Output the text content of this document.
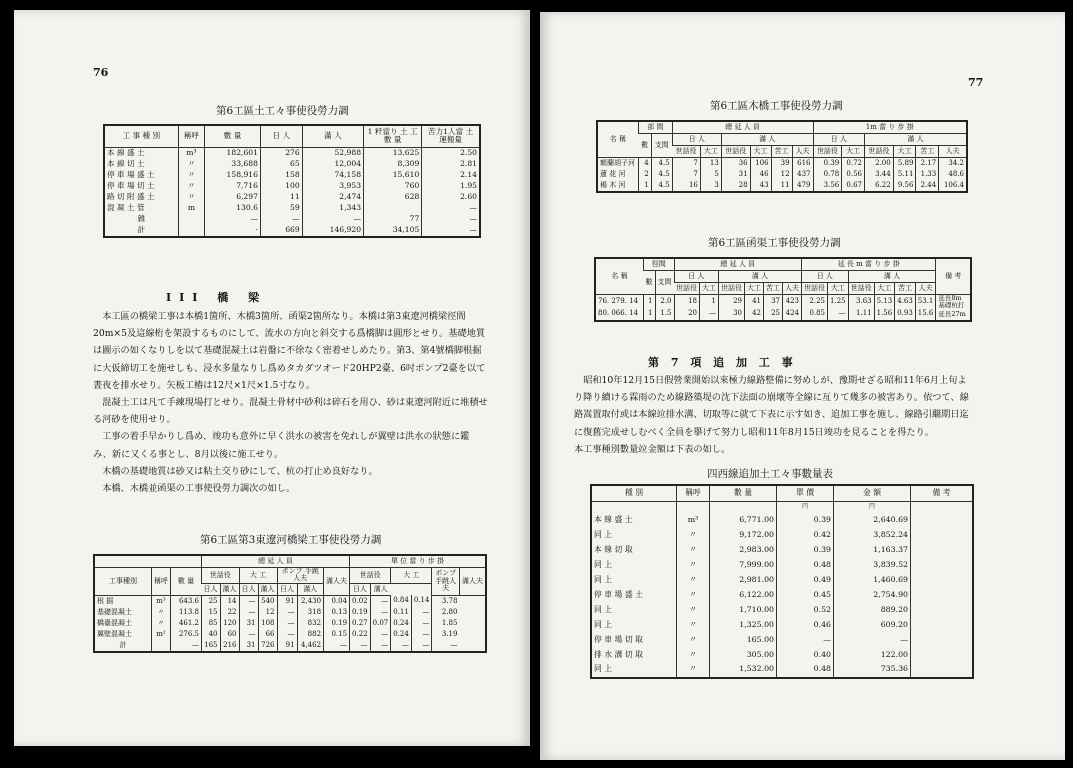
76
第6工區土工々事使役勞力調
工 事 種 別	稱呼	數 量	日 人	滿 人	1 粁當り 土 工 數 量	苦力1人當 土運搬量
本 線 盛 土	m³	182,601	276	52,988	13,625	2.50
本 線 切 土	〃	33,688	65	12,004	8,309	2.81
停 車 場 盛 土	〃	158,916	158	74,158	15,610	2.14
停 車 場 切 土	〃	7,716	100	3,953	760	1.95
路 切 附 盛 土	〃	6,297	11	2,474	628	2.60
混 凝 土 管	m	130.6	59	1,343		—
雜		—	—	—	77	—
計		·	669	146,920	34,105	—
III 橋 梁

本工區の橋梁工事は本橋1箇所、木橋3箇所、函渠2箇所なり。本橋は第3東遼河橋梁徑間20m×5及這線桁を架設するものにして、流水の方向と斜交する爲橋脚は圓形とせり。基礎地質は圖示の如くなりしを以て基礎混凝土は岩盤に不徐なく密着せしめたり。第3、第4號橋脚根掘に大仮締切工を施せしも、浸水多量なりし爲めタカダツオード20HP2臺、6吋ポンプ2臺を以て晝夜を排水せり。矢板工樁は12尺×1尺×1.5寸なり。

混凝土工は凡て手練現場打とせり。混凝土骨材中砂利は碎石を用ひ、砂は東遼河附近に堆積せる河砂を使用せり。

工事の着手早かりし爲め、竣功も意外に早く洪水の被害を免れしが翼壁は洪水の狀態に鑑み、新に又くる事とし、8月以後に施工せり。

木橋の基礎地質は砂又は粘土交り砂にして、杭の打止め良好なり。

本橋、木橋並函渠の工事使役勞力調次の如し。

第6工區第3東遼河橋梁工事使役勞力調
			總 延 人 員							單 位 當 り 步 掛					
工事種別	稱呼	數 量	世話役		大 工		ポンプ 手跳人夫		滿人夫	世話役		大 工		ポンプ 手跳人夫	滿人夫
			日人	滿人	日人	滿人	日人	滿人		日人	滿人				
根 掘	m³	643.6	25	14	—	540	91	2,430	0.04	0.02	—	0.84	0.14	3.78	
基礎混凝土	〃	113.8	15	22	—	12	—	318	0.13	0.19	—	0.11	—	2.80	
橋臺混凝土	〃	461.2	85	120	31	108	—	832	0.19	0.27	0.07	0.24	—	1.85	
翼壁混凝土	m²	276.5	40	60	—	66	—	882	0.15	0.22	—	0.24	—	3.19	
計		—	165	216	31	726	91	4,462	—	—	—	—	—	—	
77
第6工區木橋工事使役勞力調
名 稱	部 間		總 延 人 員						1m 當 り 步 掛					
	數	支間	日 人		滿 人				日 人		滿 人			
			世話役	大工	世話役	大工	苦工	人夫	世話役	大工	世話役	大工	苦工	人夫
額蘭胡子河	4	4.5	7	13	36	106	39	616	0.39	0.72	2.00	5.89	2.17	34.2
蓮 花 河	2	4.5	7	5	31	46	12	437	0.78	0.56	3.44	5.11	1.33	48.6
楊 木 河	1	4.5	16	3	28	43	11	479	3.56	0.67	6.22	9.56	2.44	106.4
第6工區函渠工事使役勞力調
名 稱	徑間		總 延 人 員						延 長 m 當 り 步 掛						備 考
	數	支間	日 人		滿 人				日 人		滿 人				
			世話役	大工	世話役	大工	苦工	人夫	世話役	大工	世話役	大工	苦工	人夫	
76. 279. 14	1	2.0	18	1	29	41	37	423	2.25	1.25	3.63	5.13	4.63	53.1	延長8m 基礎杭打
80. 066. 14	1	1.5	20	—	30	42	25	424	0.85	—	1.11	1.56	0.93	15.6	延長27m
第 7 項 追 加 工 事

昭和10年12月15日假營業開始以來極力線路整備に努めしが、豫期せざる昭和11年6月上旬より降り續ける霖雨のため線路築堤の沈下法面の崩壞等全線に亙りて幾多の被害あり。依つて、線路嵩置取付或は本線竝排水溝、切取等に就て下表に示す如き、追加工事を施し、線路引繼期日迄に復舊完成せしむべく全員を擧げて努力し昭和11年8月15日竣功を見ることを得たり。

本工事種別數量竝金額は下表の如し。

四西線追加土工々事數量表
種 別	稱呼	數 量	單 價	金 額	備 考
			円	円	
本 線 盛 土	m³	6,771.00	0.39	2,640.69	
同 上	〃	9,172.00	0.42	3,852.24	
本 線 切 取	〃	2,983.00	0.39	1,163.37	
同 上	〃	7,999.00	0.48	3,839.52	
同 上	〃	2,981.00	0.49	1,460.69	
停 車 場 盛 土	〃	6,122.00	0.45	2,754.90	
同 上	〃	1,710.00	0.52	889.20	
同 上	〃	1,325.00	0.46	609.20	
停 車 場 切 取	〃	165.00	—	—	
排 水 溝 切 取	〃	305.00	0.40	122.00	
同 上	〃	1,532.00	0.48	735.36	
